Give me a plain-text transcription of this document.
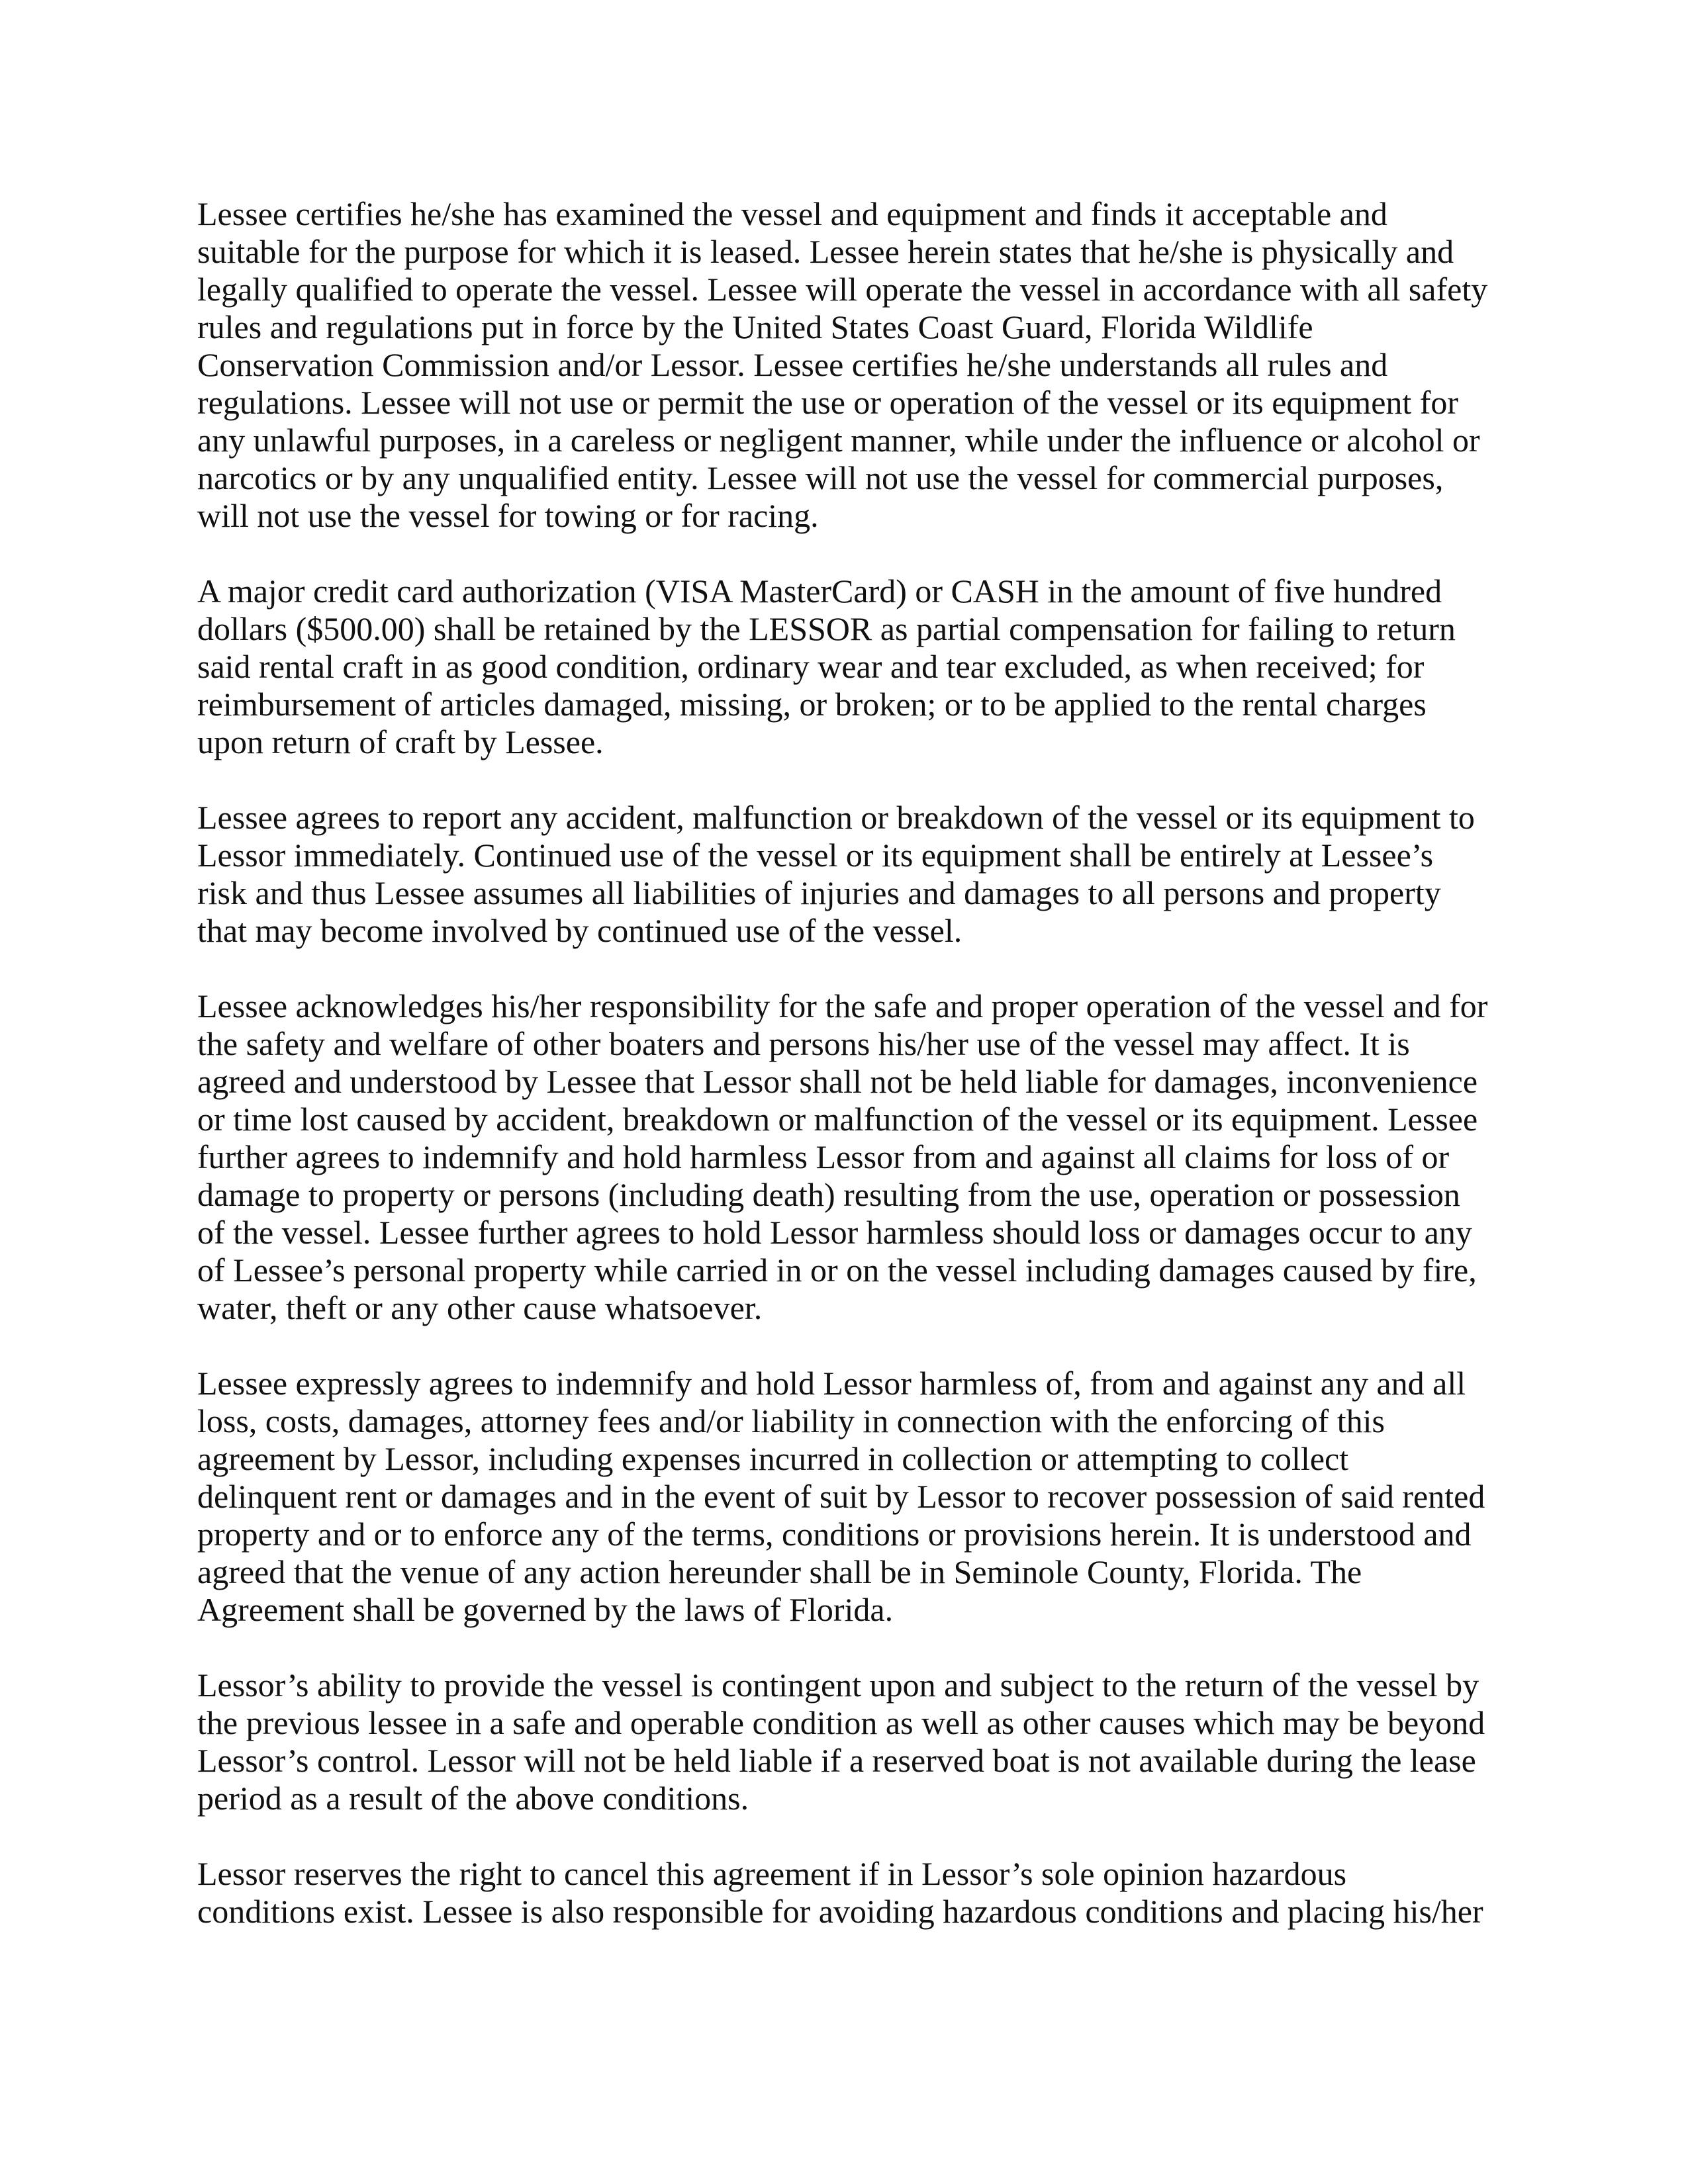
Lessee certifies he/she has examined the vessel and equipment and finds it acceptable and
suitable for the purpose for which it is leased. Lessee herein states that he/she is physically and
legally qualified to operate the vessel. Lessee will operate the vessel in accordance with all safety
rules and regulations put in force by the United States Coast Guard, Florida Wildlife
Conservation Commission and/or Lessor. Lessee certifies he/she understands all rules and
regulations. Lessee will not use or permit the use or operation of the vessel or its equipment for
any unlawful purposes, in a careless or negligent manner, while under the influence or alcohol or
narcotics or by any unqualified entity. Lessee will not use the vessel for commercial purposes,
will not use the vessel for towing or for racing.
A major credit card authorization (VISA MasterCard) or CASH in the amount of five hundred
dollars ($500.00) shall be retained by the LESSOR as partial compensation for failing to return
said rental craft in as good condition, ordinary wear and tear excluded, as when received; for
reimbursement of articles damaged, missing, or broken; or to be applied to the rental charges
upon return of craft by Lessee.
Lessee agrees to report any accident, malfunction or breakdown of the vessel or its equipment to
Lessor immediately. Continued use of the vessel or its equipment shall be entirely at Lessee’s
risk and thus Lessee assumes all liabilities of injuries and damages to all persons and property
that may become involved by continued use of the vessel.
Lessee acknowledges his/her responsibility for the safe and proper operation of the vessel and for
the safety and welfare of other boaters and persons his/her use of the vessel may affect. It is
agreed and understood by Lessee that Lessor shall not be held liable for damages, inconvenience
or time lost caused by accident, breakdown or malfunction of the vessel or its equipment. Lessee
further agrees to indemnify and hold harmless Lessor from and against all claims for loss of or
damage to property or persons (including death) resulting from the use, operation or possession
of the vessel. Lessee further agrees to hold Lessor harmless should loss or damages occur to any
of Lessee’s personal property while carried in or on the vessel including damages caused by fire,
water, theft or any other cause whatsoever.
Lessee expressly agrees to indemnify and hold Lessor harmless of, from and against any and all
loss, costs, damages, attorney fees and/or liability in connection with the enforcing of this
agreement by Lessor, including expenses incurred in collection or attempting to collect
delinquent rent or damages and in the event of suit by Lessor to recover possession of said rented
property and or to enforce any of the terms, conditions or provisions herein. It is understood and
agreed that the venue of any action hereunder shall be in Seminole County, Florida. The
Agreement shall be governed by the laws of Florida.
Lessor’s ability to provide the vessel is contingent upon and subject to the return of the vessel by
the previous lessee in a safe and operable condition as well as other causes which may be beyond
Lessor’s control. Lessor will not be held liable if a reserved boat is not available during the lease
period as a result of the above conditions.
Lessor reserves the right to cancel this agreement if in Lessor’s sole opinion hazardous
conditions exist. Lessee is also responsible for avoiding hazardous conditions and placing his/her
